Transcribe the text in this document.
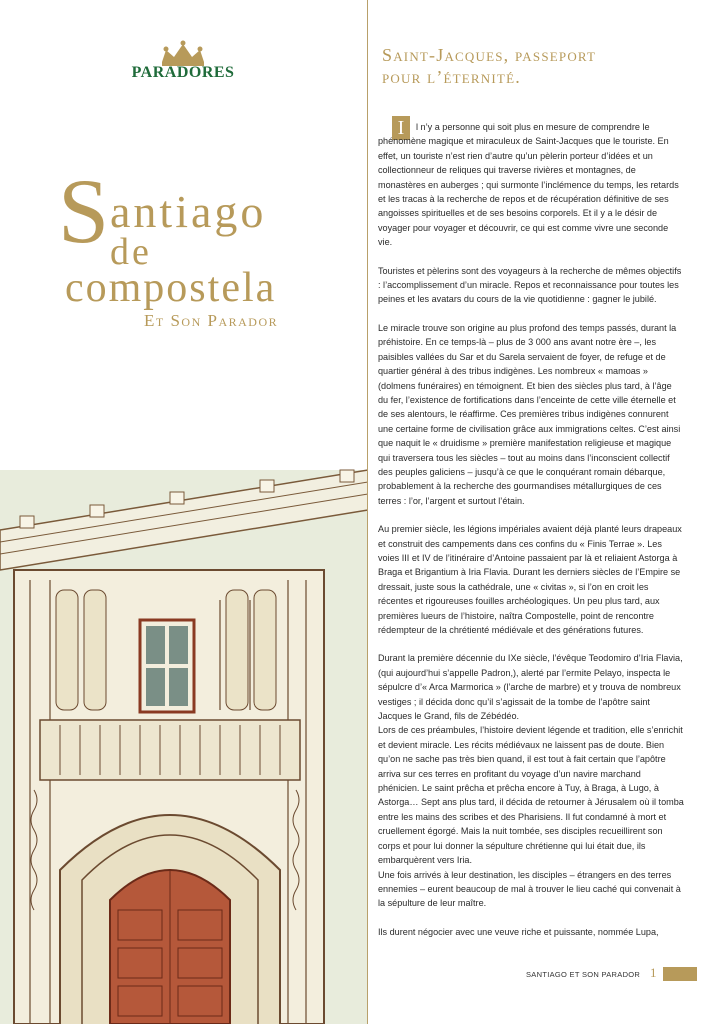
PARADORES
S antiago
de
compostela
Et Son Parador
Saint-Jacques, passeport
pour l’éternité.
I	l n’y a personne qui soit plus en mesure de comprendre le phénomène magique et miraculeux de Saint-Jacques que le touriste. En effet, un touriste n’est rien d’autre qu’un pèlerin porteur d’idées et un collectionneur de reliques qui traverse rivières et montagnes, de monastères en auberges ; qui surmonte l’inclémence du temps, les retards et les tracas à la recherche de repos et de récupération définitive de ses angoisses spirituelles et de ses besoins corporels. Et il y a le désir de voyager pour voyager et découvrir, ce qui est comme vivre une seconde vie.

Touristes et pèlerins sont des voyageurs à la recherche de mêmes objectifs : l’accomplissement d’un miracle. Repos et reconnaissance pour toutes les peines et les avatars du cours de la vie quotidienne : gagner le jubilé.

Le miracle trouve son origine au plus profond des temps passés, durant la préhistoire. En ce temps-là – plus de 3 000 ans avant notre ère –, les paisibles vallées du Sar et du Sarela servaient de foyer, de refuge et de quartier général à des tribus indigènes. Les nombreux « mamoas » (dolmens funéraires) en témoignent. Et bien des siècles plus tard, à l’âge du fer, l’existence de fortifications dans l’enceinte de cette ville éternelle et de ses alentours, le réaffirme. Ces premières tribus indigènes connurent une certaine forme de civilisation grâce aux immigrations celtes. C’est ainsi que naquit le « druidisme » première manifestation religieuse et magique qui traversera tous les siècles – tout au moins dans l’inconscient collectif des peuples galiciens – jusqu’à ce que le conquérant romain débarque, probablement à la recherche des gourmandises métallurgiques de ces terres : l’or, l’argent et surtout l’étain.

Au premier siècle, les légions impériales avaient déjà planté leurs drapeaux et construit des campements dans ces confins du « Finis Terrae ». Les voies III et IV de l’itinéraire d’Antoine passaient par là et reliaient Astorga à Braga et Brigantium à Iria Flavia. Durant les derniers siècles de l’Empire se dressait, juste sous la cathédrale, une « civitas », si l’on en croit les récentes et rigoureuses fouilles archéologiques. Un peu plus tard, aux premières lueurs de l’histoire, naîtra Compostelle, point de rencontre rédempteur de la chrétienté médiévale et des générations futures.

Durant la première décennie du IXe siècle, l’évêque Teodomiro d’Iria Flavia, (qui aujourd’hui s’appelle Padron,), alerté par l’ermite Pelayo, inspecta le sépulcre d’« Arca Marmorica » (l’arche de marbre) et y trouva de nombreux vestiges ; il décida donc qu’il s’agissait de la tombe de l’apôtre saint Jacques le Grand, fils de Zébédéo.

Lors de ces préambules, l’histoire devient légende et tradition, elle s’enrichit et devient miracle. Les récits médiévaux ne laissent pas de doute. Bien qu’on ne sache pas très bien quand, il est tout à fait certain que l’apôtre arriva sur ces terres en profitant du voyage d’un navire marchand phénicien. Le saint prêcha et prêcha encore à Tuy, à Braga, à Lugo, à Astorga… Sept ans plus tard, il décida de retourner à Jérusalem où il tomba entre les mains des scribes et des Pharisiens. Il fut condamné à mort et cruellement égorgé. Mais la nuit tombée, ses disciples recueillirent son corps et pour lui donner la sépulture chrétienne qui lui était due, ils embarquèrent vers Iria.

Une fois arrivés à leur destination, les disciples – étrangers en des terres ennemies – eurent beaucoup de mal à trouver le lieu caché qui convenait à la sépulture de leur maître.

Ils durent négocier avec une veuve riche et puissante, nommée Lupa,

SANTIAGO ET SON PARADOR 1
